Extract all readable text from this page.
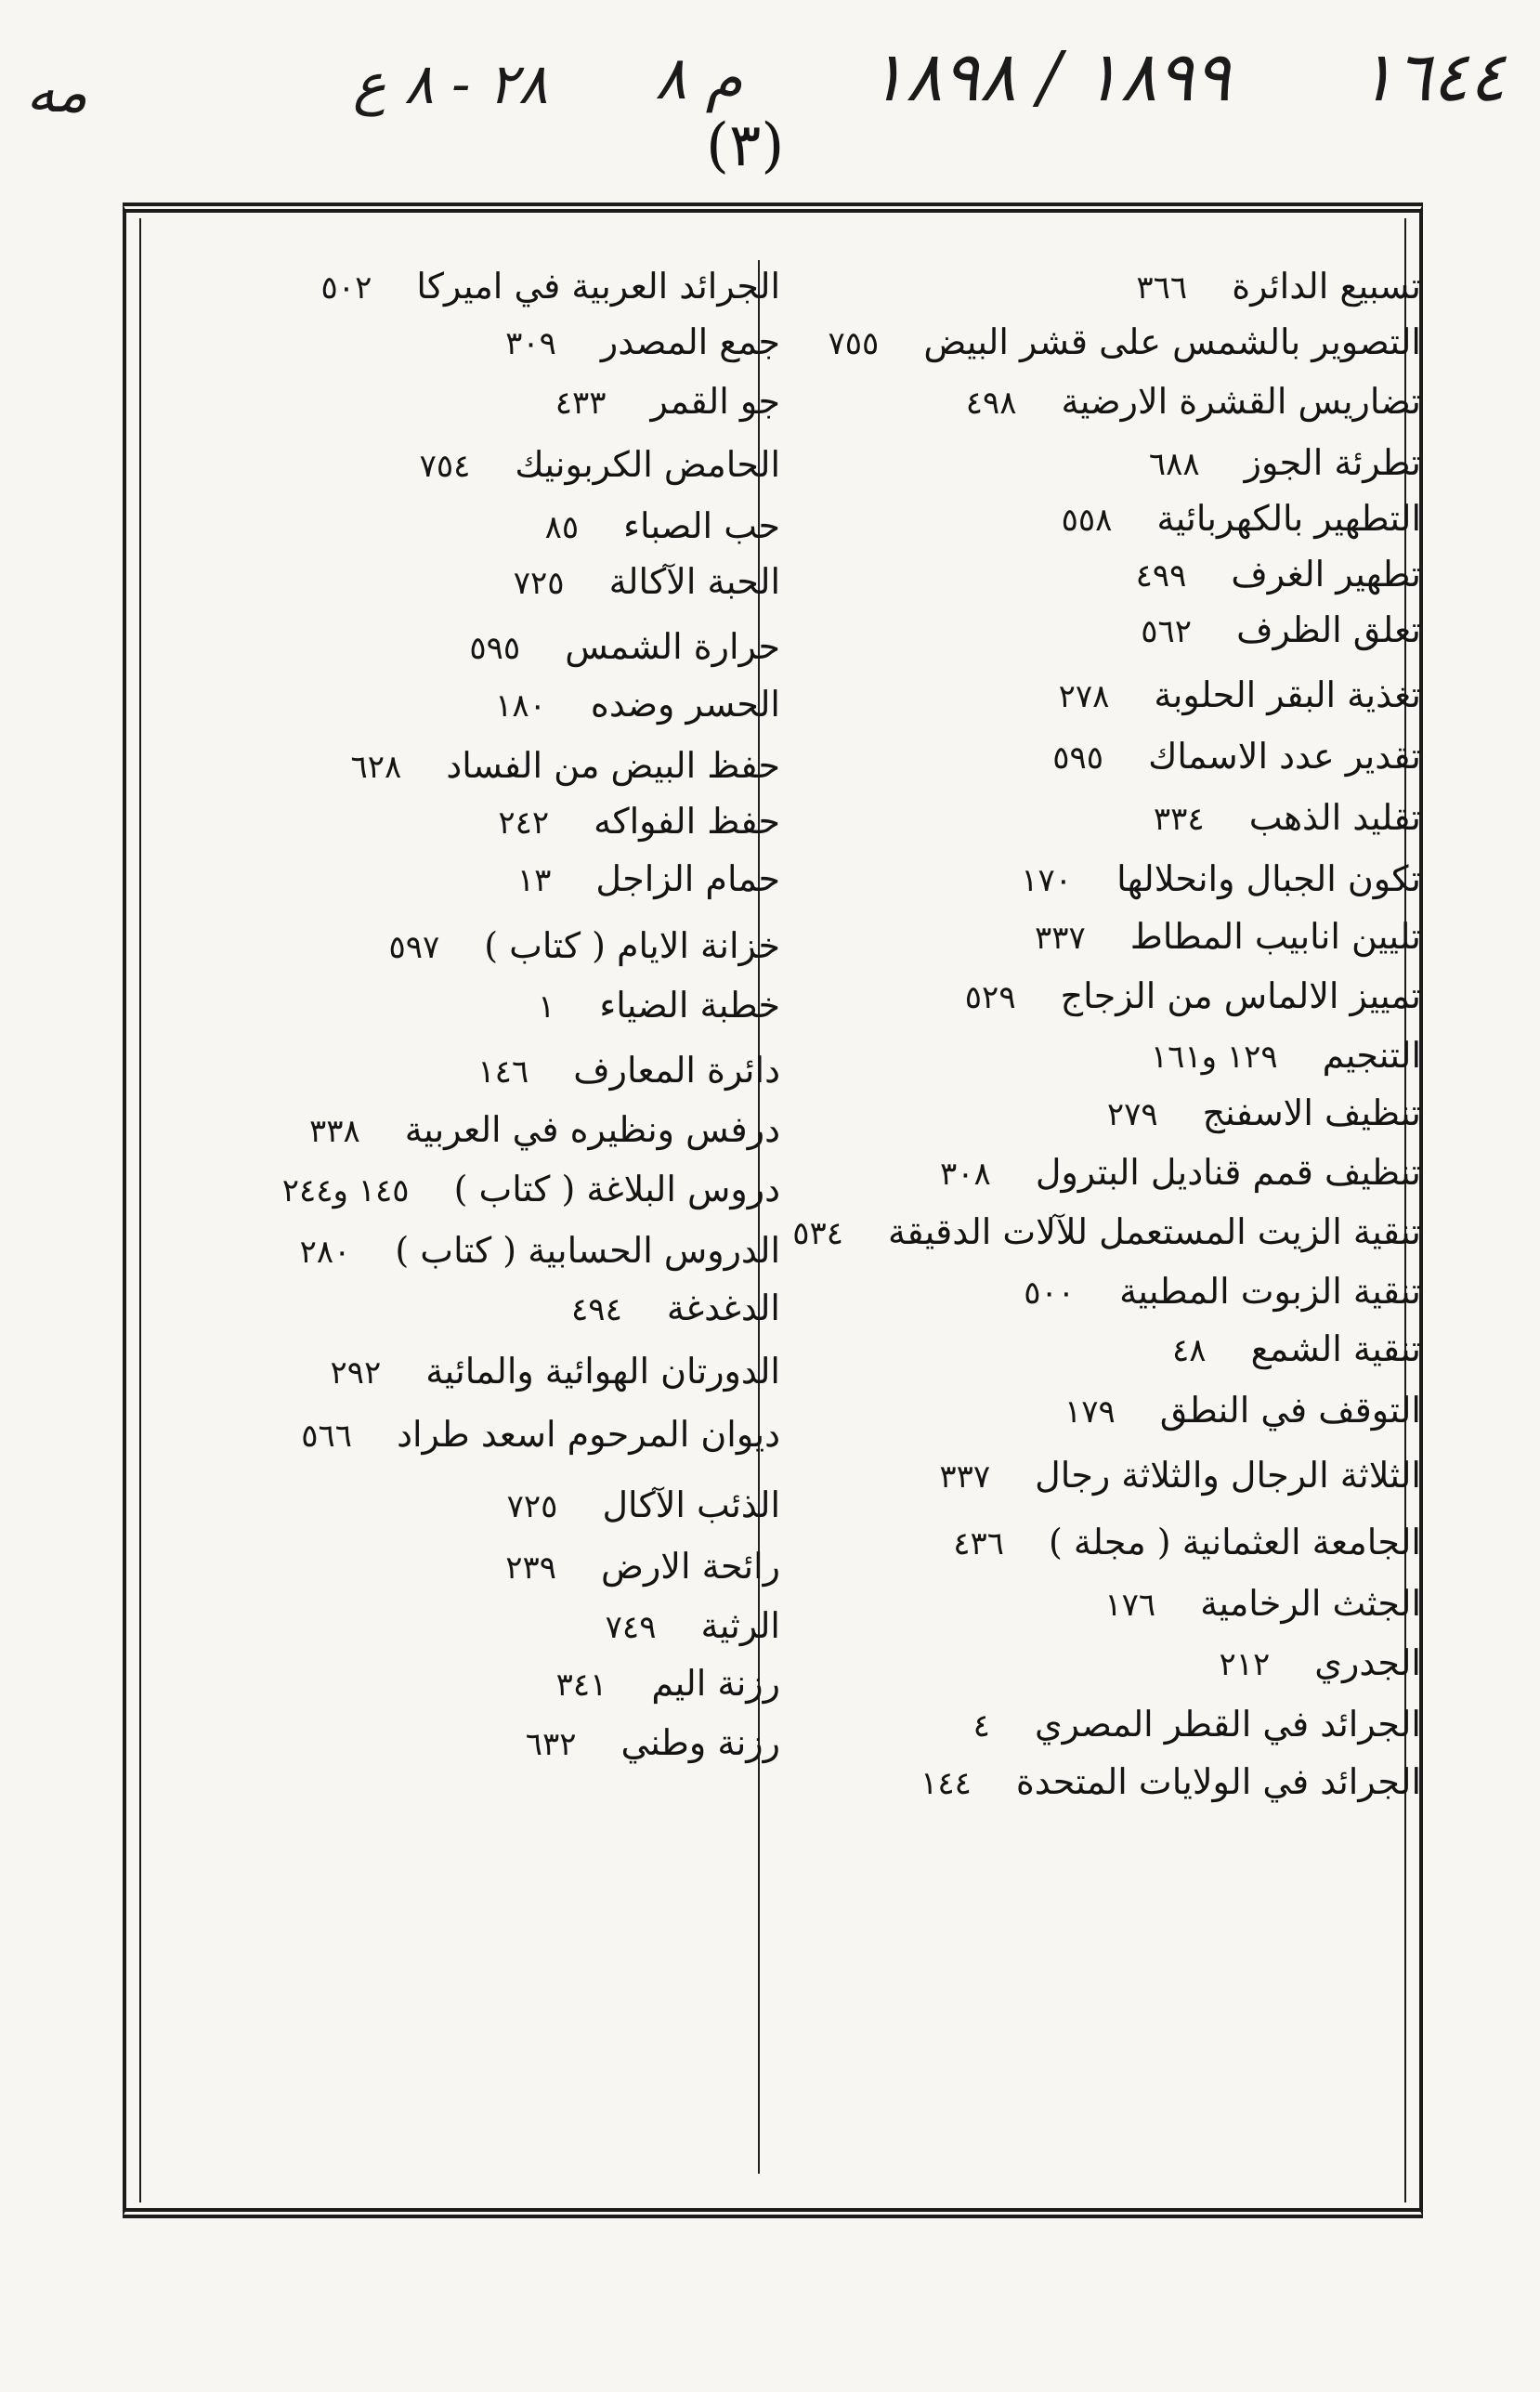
مه	٢٨ - ٨ ع م ٨ ١٨٩٩ / ١٨٩٨ ١٦٤٤
(٣)
تسبيع الدائرة
٣٦٦
التصوير بالشمس على قشر البيض
٧٥٥
تضاريس القشرة الارضية
٤٩٨
تطرئة الجوز
٦٨٨
التطهير بالكهربائية
٥٥٨
تطهير الغرف
٤٩٩
تعلق الظرف
٥٦٢
تغذية البقر الحلوبة
٢٧٨
تقدير عدد الاسماك
٥٩٥
تقليد الذهب
٣٣٤
تكون الجبال وانحلالها
١٧٠
تليين انابيب المطاط
٣٣٧
تمييز الالماس من الزجاج
٥٢٩
التنجيم
١٢٩ و١٦١
تنظيف الاسفنج
٢٧٩
تنظيف قمم قناديل البترول
٣٠٨
تنقية الزيت المستعمل للآلات الدقيقة
٥٣٤
تنقية الزبوت المطبية
٥٠٠
تنقية الشمع
٤٨
التوقف في النطق
١٧٩
الثلاثة الرجال والثلاثة رجال
٣٣٧
الجامعة العثمانية ( مجلة )
٤٣٦
الجثث الرخامية
١٧٦
الجدري
٢١٢
الجرائد في القطر المصري
٤
الجرائد في الولايات المتحدة
١٤٤
الجرائد العربية في اميركا
٥٠٢
جمع المصدر
٣٠٩
جو القمر
٤٣٣
الحامض الكربونيك
٧٥٤
حب الصباء
٨٥
الحبة الآكالة
٧٢٥
حرارة الشمس
٥٩٥
الحسر وضده
١٨٠
حفظ البيض من الفساد
٦٢٨
حفظ الفواكه
٢٤٢
حمام الزاجل
١٣
خزانة الايام ( كتاب )
٥٩٧
خطبة الضياء
١
دائرة المعارف
١٤٦
درفس ونظيره في العربية
٣٣٨
دروس البلاغة ( كتاب )
١٤٥ و٢٤٤
الدروس الحسابية ( كتاب )
٢٨٠
الدغدغة
٤٩٤
الدورتان الهوائية والمائية
٢٩٢
ديوان المرحوم اسعد طراد
٥٦٦
الذئب الآكال
٧٢٥
رائحة الارض
٢٣٩
الرثية
٧٤٩
رزنة اليم
٣٤١
رزنة وطني
٦٣٢
